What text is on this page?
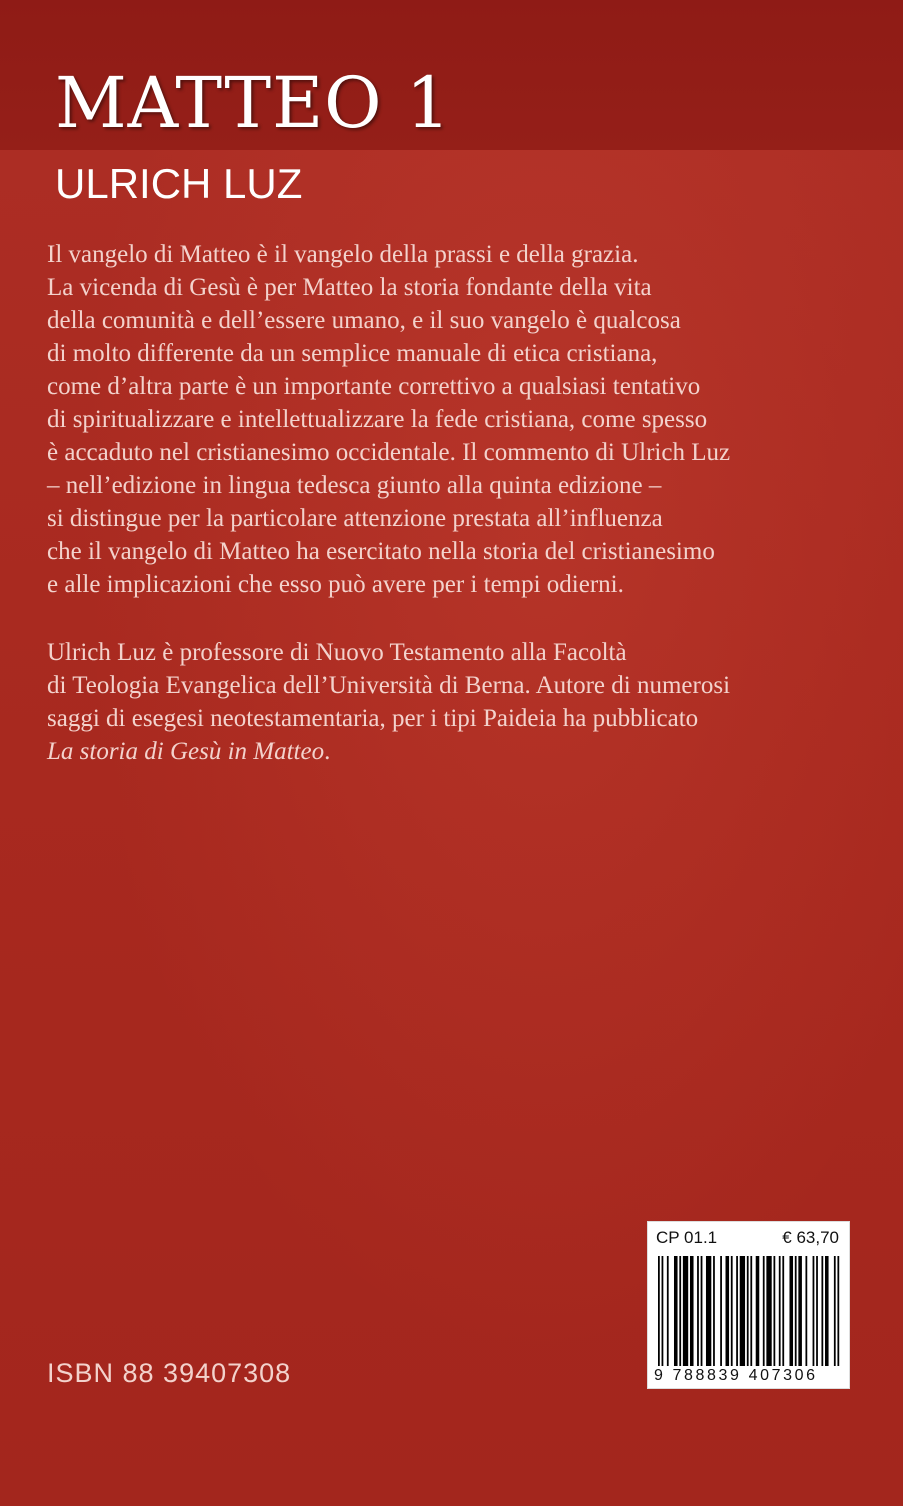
MATTEO 1
ULRICH LUZ
Il vangelo di Matteo è il vangelo della prassi e della grazia.
La vicenda di Gesù è per Matteo la storia fondante della vita
della comunità e dell’essere umano, e il suo vangelo è qualcosa
di molto differente da un semplice manuale di etica cristiana,
come d’altra parte è un importante correttivo a qualsiasi tentativo
di spiritualizzare e intellettualizzare la fede cristiana, come spesso
è accaduto nel cristianesimo occidentale. Il commento di Ulrich Luz
– nell’edizione in lingua tedesca giunto alla quinta edizione –
si distingue per la particolare attenzione prestata all’influenza
che il vangelo di Matteo ha esercitato nella storia del cristianesimo
e alle implicazioni che esso può avere per i tempi odierni.
Ulrich Luz è professore di Nuovo Testamento alla Facoltà
di Teologia Evangelica dell’Università di Berna. Autore di numerosi
saggi di esegesi neotestamentaria, per i tipi Paideia ha pubblicato
La storia di Gesù in Matteo.
ISBN 88 39407308
CP 01.1	€ 63,70
9 788839 407306
